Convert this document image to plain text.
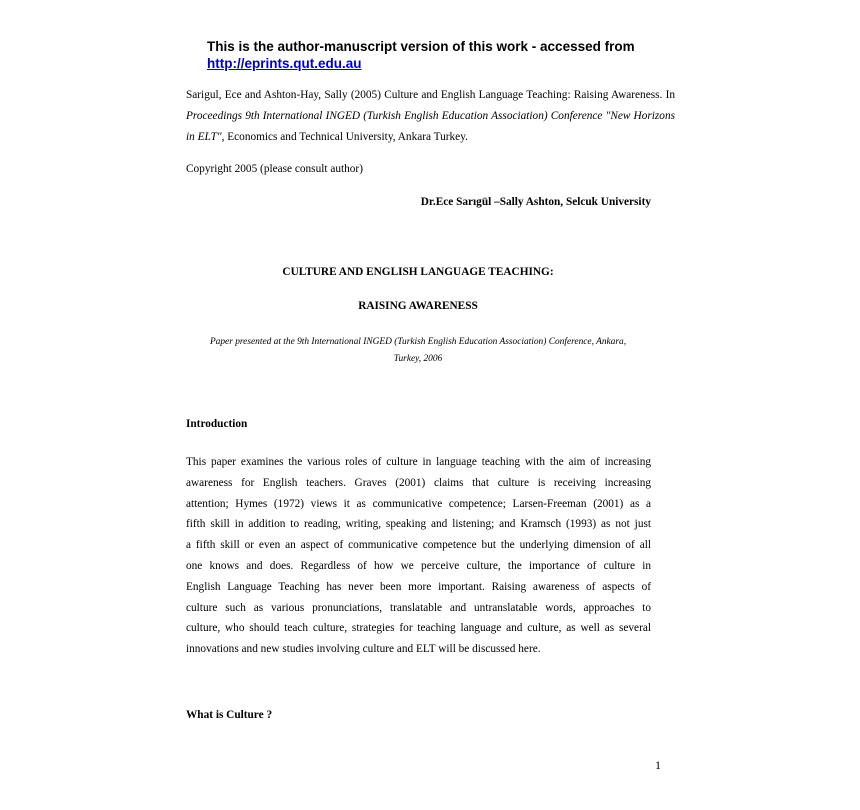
This is the author-manuscript version of this work - accessed from
http://eprints.qut.edu.au
Sarigul, Ece and Ashton-Hay, Sally (2005) Culture and English Language Teaching: Raising Awareness. In Proceedings 9th International INGED (Turkish English Education Association) Conference "New Horizons in ELT", Economics and Technical University, Ankara Turkey.
Copyright 2005 (please consult author)
Dr.Ece Sarıgül –Sally Ashton, Selcuk University
CULTURE AND ENGLISH LANGUAGE TEACHING:
RAISING AWARENESS
Paper presented at the 9th International INGED (Turkish English Education Association) Conference, Ankara,
Turkey, 2006
Introduction
This paper examines the various roles of culture in language teaching with the aim of increasing
awareness for English teachers. Graves (2001) claims that culture is receiving increasing
attention; Hymes (1972) views it as communicative competence; Larsen-Freeman (2001) as a
fifth skill in addition to reading, writing, speaking and listening; and Kramsch (1993) as not just
a fifth skill or even an aspect of communicative competence but the underlying dimension of all
one knows and does. Regardless of how we perceive culture, the importance of culture in
English Language Teaching has never been more important. Raising awareness of aspects of
culture such as various pronunciations, translatable and untranslatable words, approaches to
culture, who should teach culture, strategies for teaching language and culture, as well as several
innovations and new studies involving culture and ELT will be discussed here.
What is Culture ?
1
